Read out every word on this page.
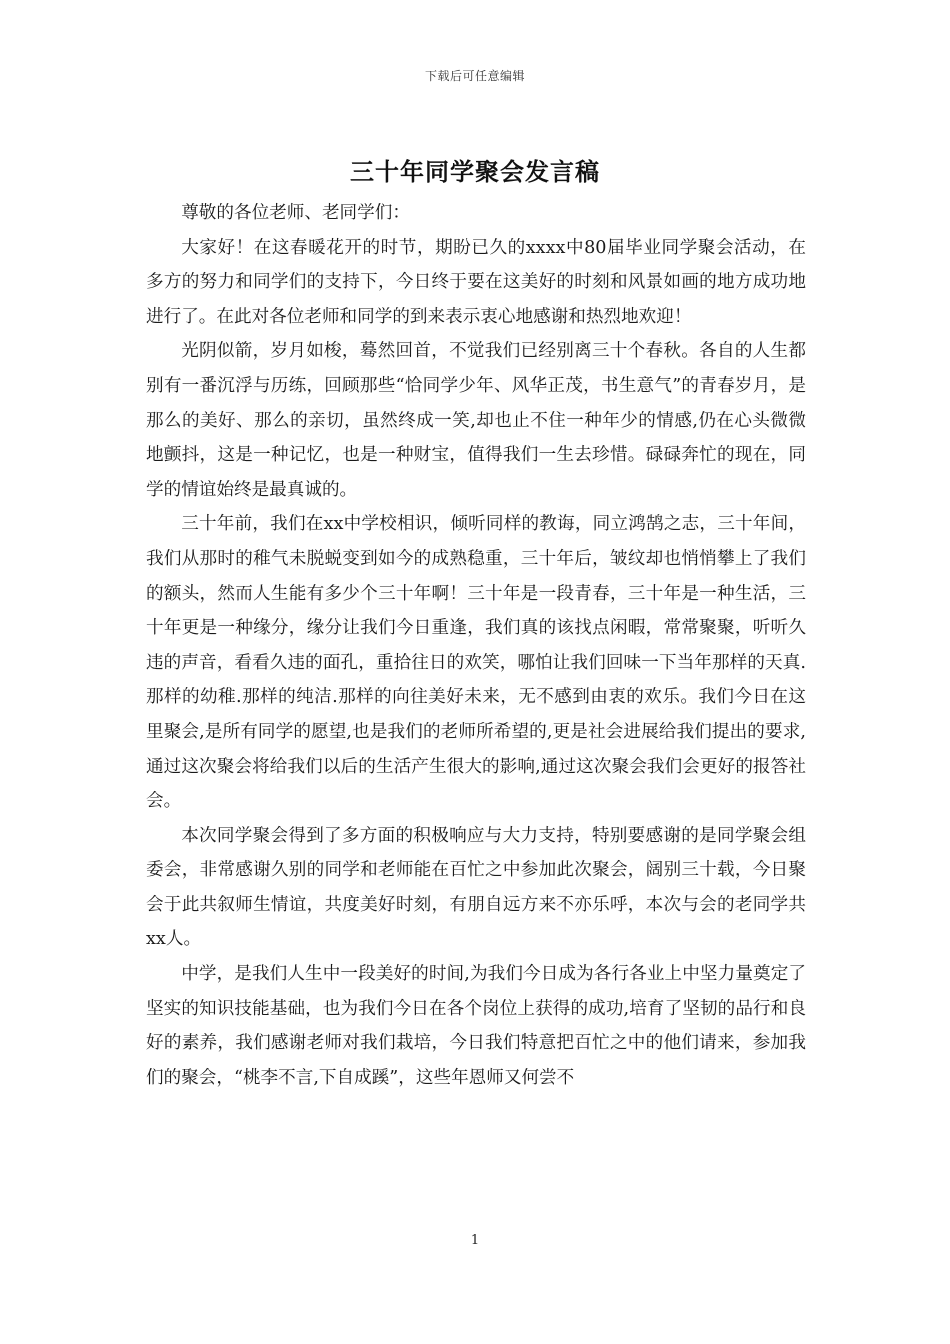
下载后可任意编辑
三十年同学聚会发言稿

尊敬的各位老师、老同学们：

大家好！在这春暖花开的时节，期盼已久的xxxx中80届毕业同学聚会活动，在多方的努力和同学们的支持下，今日终于要在这美好的时刻和风景如画的地方成功地进行了。在此对各位老师和同学的到来表示衷心地感谢和热烈地欢迎！

光阴似箭，岁月如梭，蓦然回首，不觉我们已经别离三十个春秋。各自的人生都别有一番沉浮与历练，回顾那些“恰同学少年、风华正茂，书生意气”的青春岁月，是那么的美好、那么的亲切，虽然终成一笑,却也止不住一种年少的情感,仍在心头微微地颤抖，这是一种记忆，也是一种财宝，值得我们一生去珍惜。碌碌奔忙的现在，同学的情谊始终是最真诚的。

三十年前，我们在xx中学校相识，倾听同样的教诲，同立鸿鹄之志，三十年间，我们从那时的稚气未脱蜕变到如今的成熟稳重，三十年后，皱纹却也悄悄攀上了我们的额头，然而人生能有多少个三十年啊！三十年是一段青春，三十年是一种生活，三十年更是一种缘分，缘分让我们今日重逢，我们真的该找点闲暇，常常聚聚，听听久违的声音，看看久违的面孔，重拾往日的欢笑，哪怕让我们回味一下当年那样的天真.那样的幼稚.那样的纯洁.那样的向往美好未来，无不感到由衷的欢乐。我们今日在这里聚会,是所有同学的愿望,也是我们的老师所希望的,更是社会进展给我们提出的要求,通过这次聚会将给我们以后的生活产生很大的影响,通过这次聚会我们会更好的报答社会。

本次同学聚会得到了多方面的积极响应与大力支持，特别要感谢的是同学聚会组委会，非常感谢久别的同学和老师能在百忙之中参加此次聚会，阔别三十载，今日聚会于此共叙师生情谊，共度美好时刻，有朋自远方来不亦乐呼，本次与会的老同学共xx人。

中学，是我们人生中一段美好的时间,为我们今日成为各行各业上中坚力量奠定了坚实的知识技能基础，也为我们今日在各个岗位上获得的成功,培育了坚韧的品行和良好的素养，我们感谢老师对我们栽培，今日我们特意把百忙之中的他们请来，参加我们的聚会，“桃李不言,下自成蹊”，这些年恩师又何尝不

1
